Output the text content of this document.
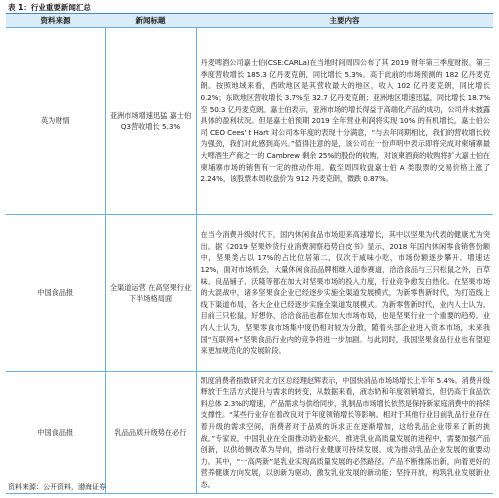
表 1：行业重要新闻汇总
资料来源	新闻标题	主要内容
英为财情	亚洲市场增速迅猛 嘉士伯Q3营收增长 5.3%	丹麦啤酒公司嘉士伯(CSE:CARLa)在当地时间周四公布了其 2019 财年第三季度财报。第三季度营收增长 185.3 亿丹麦克朗，同比增长 5.3%。高于此前的市场预测的 182 亿丹麦克朗。按照地域来看，西欧地区是其营收最大的地区，收入 102 亿丹麦克朗，同比增长 0.2%；东欧地区营收增长 3.7%至 32.7 亿丹麦克朗；亚洲地区增速迅猛，同比增长 18.7%至 50.3 亿丹麦克朗。嘉士伯表示，亚洲市场的增长得益于高端化产品的成功，公司并未披露具体的盈利状况。但是嘉士伯预期 2019 全年营业利润将实现 10% 的有机增长。嘉士伯公司 CEO Cees' t Hart 对公司本年度的表现十分满意，“与去年同期相比，我们的营收增长较为强劲，我们对此感到高兴。”值得注意的是，该公司在一份声明中表示即将完成对柬埔寨最大啤酒生产商之一的 Cambrew 剩余 25%的股份的收购，对该柬酒商的收购将扩大嘉士伯在柬埔寨市场的销售有一定的推动作用。截至周四收盘嘉士伯 A 类股票的交易价格上涨了 2.24%，该股票本周收盘价为 912 丹麦克朗，微跌 0.87%。
中国食品报	全渠道运营 在高坚果行业下半场格局面	在当今消费升级时代下，国内休闲食品市场迎来高速增长，其中以坚果为代表的健康尤为突出。据《2019 坚果炒货行业消费洞察趋势白皮书》显示，2018 年国内休闲零食销售份额中，坚果类占以 17%的占比位居第二，仅次于咸味小吃，市场份额逐步攀升。增速达 12%，面对市场机会，大量休闲食品品牌相继入道参赛道，洽洽食品与三只松鼠之外，百草味、良品铺子、沃隆等都在加大对坚果市场的投入力度，行业竞争愈发白热化。在坚果市场的大混战中，诸多坚果食企业已经逐步实施全渠道发展模式，为新零售新时代，为打造线上线下渠道布局，各大企业已经逐步实施全渠道发展模式。为新零售新时代，业内人士认为，目前三只松鼠，好想你、洽洽食品也都在加大市场布局，也是坚果行业一个重要的趋势。业内人士认为，坚果零食市场集中度仍相对较为分散，随着头部企业进入资本市场，未来我国“互联网+”坚果食品行业内的竞争将进一步加剧。与此同时，我国坚果食品行业也有望迎来更加规范化的发展阶段。
中国食品报	乳品品质升级势在必行	凯度消费者指数研究北方区总经理赵辉表示，中国快消品市场场增长上半年 5.4%。消费升级释放于生活方式提升与需求的转变，从数据来看，液态奶和年度领销增长，但仍高于食品饮料总体 2.3%的增速，产品需求与供给同步，乳制品市场增长依然是保持新家庭消费中的持续支撑性。“某些行业存在着改良对于年度领销增长等影响。相对于其他行业目前乳品行业存在着升级的需求空间，消费者对于品质的诉求正在逐渐增加，这给乳品企业带来了新的挑战。”专家说，中国乳业在全面推动奶业振兴、推进乳业高质量发展的进程中，需要加强产品创新，以供给侧改革为导向，推动行业健康可持续发展。成为推动乳品企业发展的重要动力。其中，“一高两新”是乳业实现高质量发展的必然路径。产品不断推陈出新，向着更好的营养健康方向发展，以创新为驱动，激发乳业发展的新动能；坚持开放，构筑乳业发展新业态。
资料来源：公开资料，渤海证券
